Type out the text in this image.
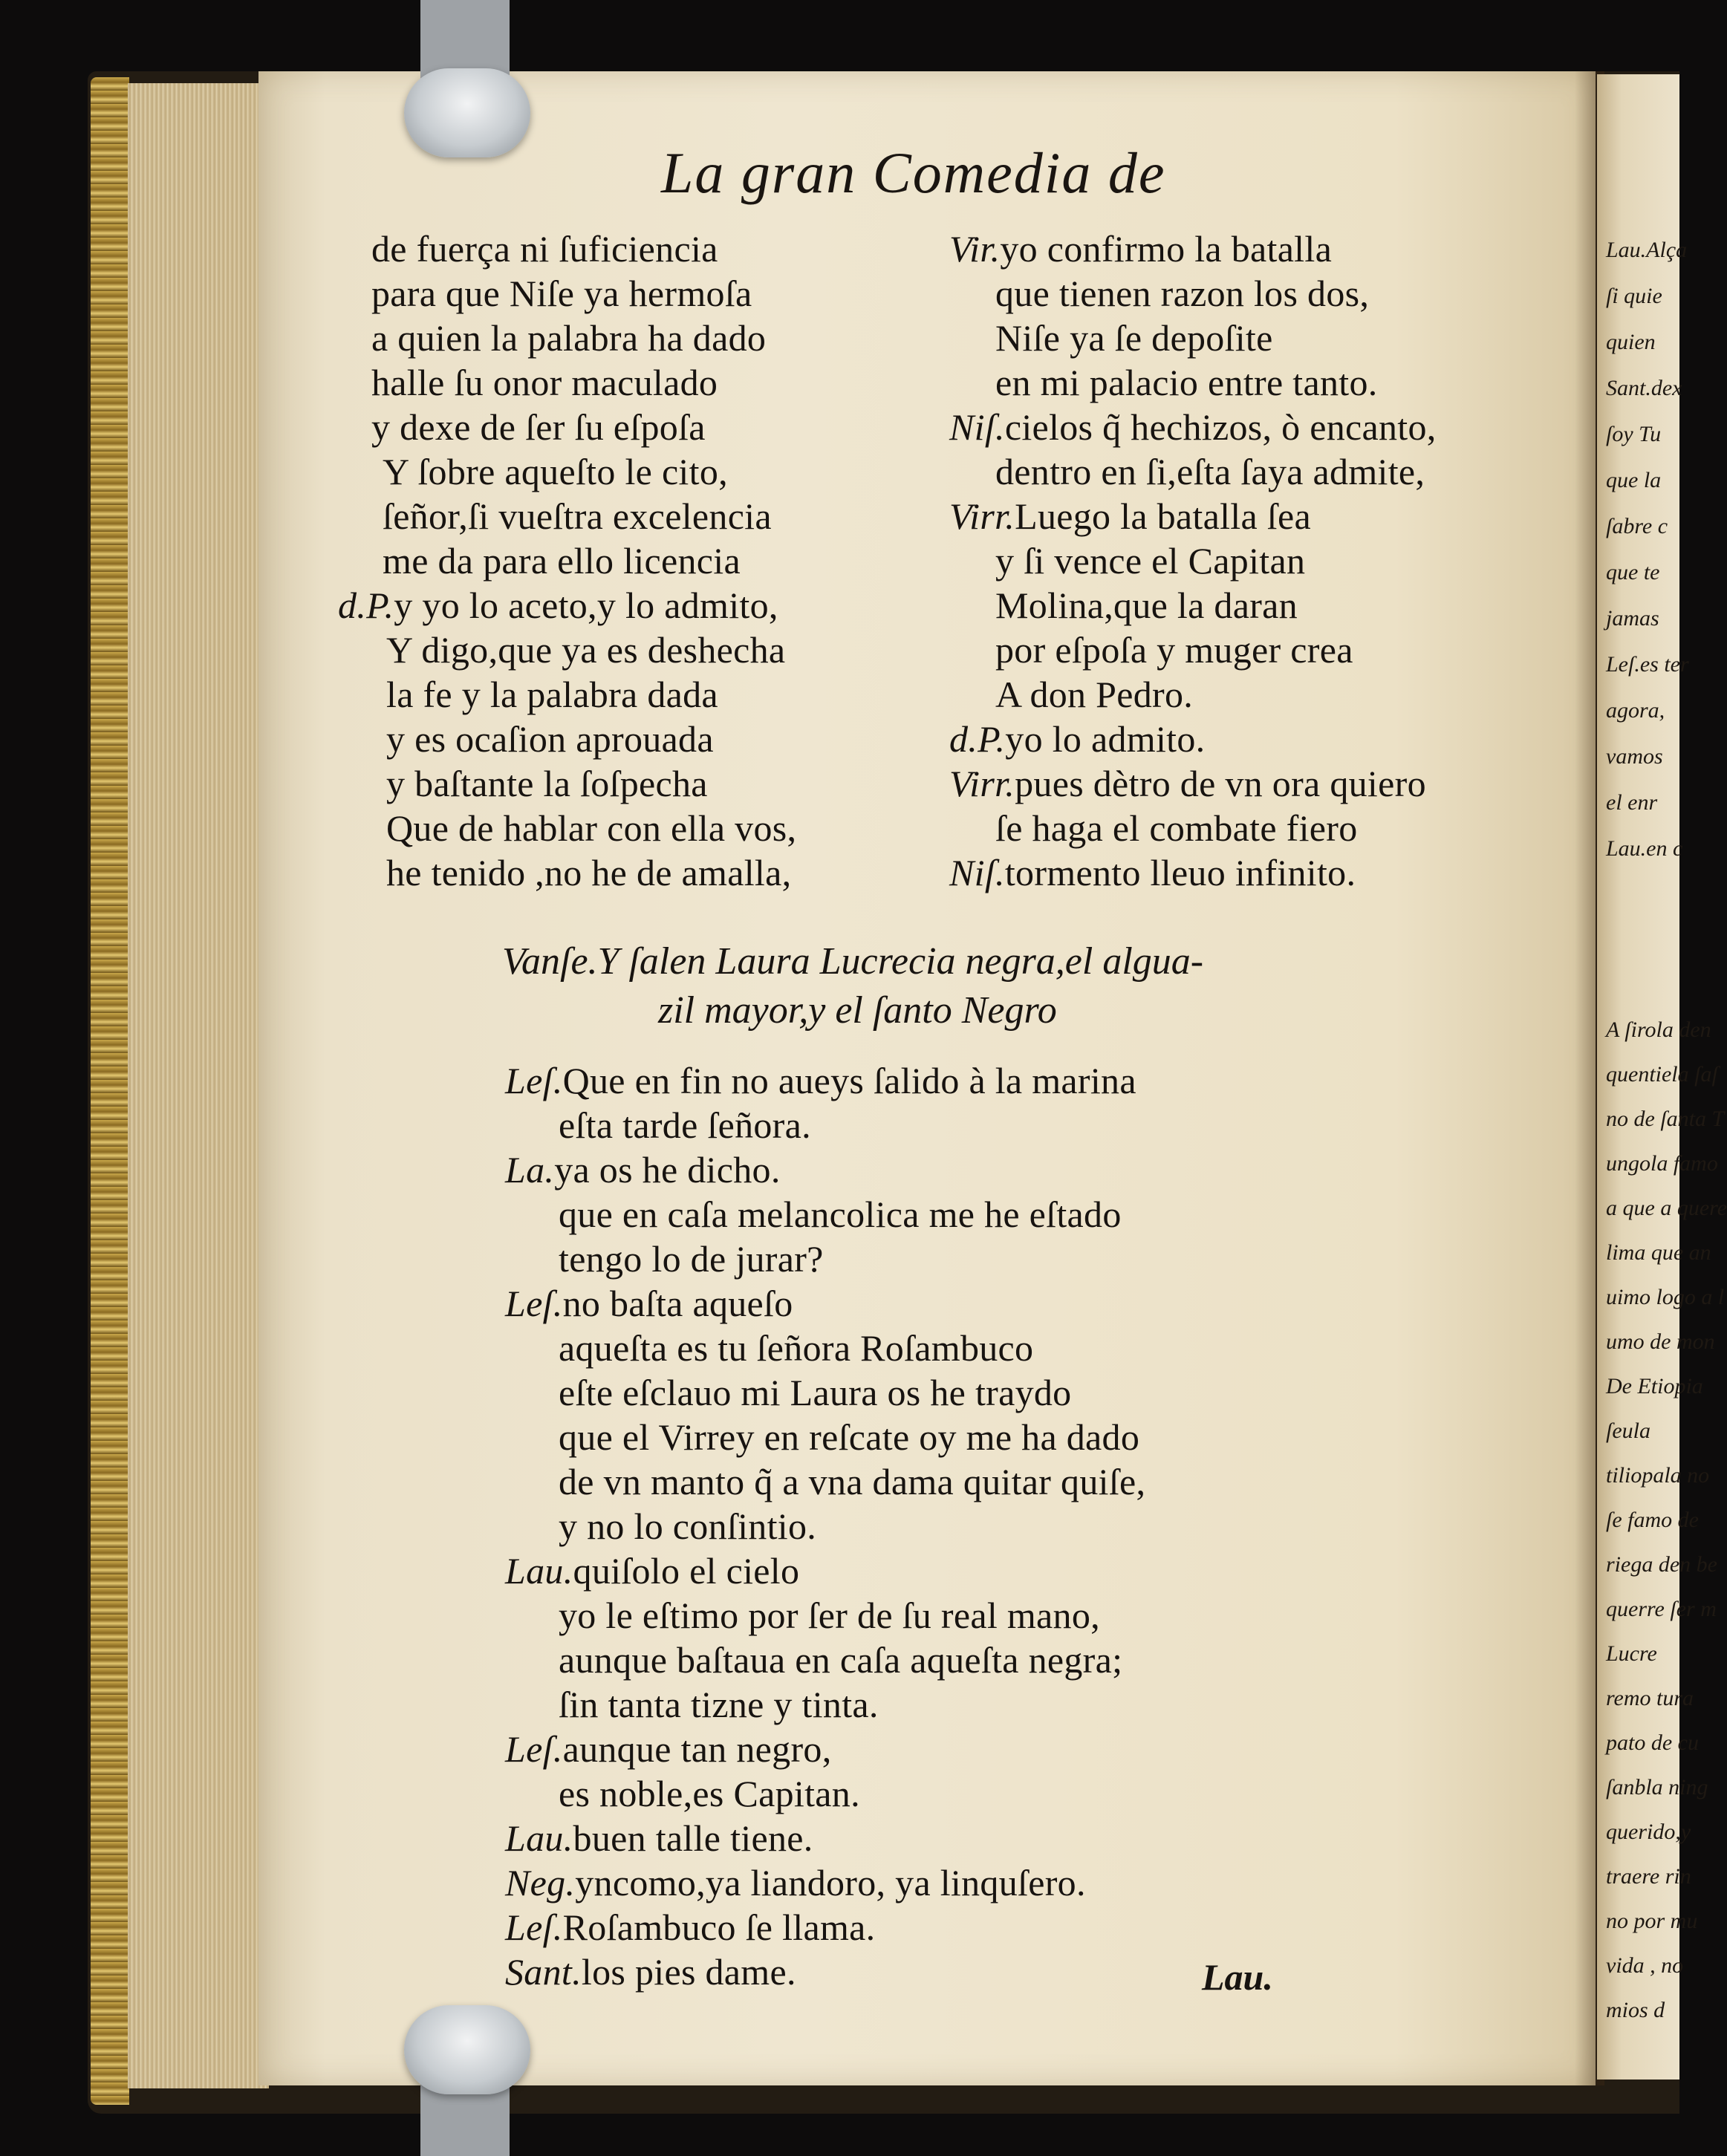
Lau.Alça
ſi quie
quien
Sant.dex
ſoy Tu
que la
ſabre c
que te
jamas
Leſ.es ter
agora,
vamos
el enr
Lau.en c
A ſirola den
quentiela ſaſ
no de ſanta T
ungola famo
a que a quere
lima que an
uimo logo a l
umo de mon
De Etiopia
ſeula
tiliopala no
ſe famo de
riega den be
querre ſer m
Lucre
remo tura
pato de cu
ſanbla ning
querido,y
traere rin
no por mu
vida , no
mios d
La gran Comedia de
de fuerça ni ſuficiencia
para que Niſe ya hermoſa
a quien la palabra ha dado
halle ſu onor maculado
y dexe de ſer ſu eſpoſa
Y ſobre aqueſto le cito,
ſeñor,ſi vueſtra excelencia
me da para ello licencia
d.P.y yo lo aceto,y lo admito,
Y digo,que ya es deshecha
la fe y la palabra dada
y es ocaſion aprouada
y baſtante la ſoſpecha
Que de hablar con ella vos,
he tenido ,no he de amalla,
Vir.yo confirmo la batalla
que tienen razon los dos,
Niſe ya ſe depoſite
en mi palacio entre tanto.
Niſ.cielos q̃ hechizos, ò encanto,
dentro en ſi,eſta ſaya admite,
Virr.Luego la batalla ſea
y ſi vence el Capitan
Molina,que la daran
por eſpoſa y muger crea
A don Pedro.
d.P.yo lo admito.
Virr.pues dètro de vn ora quiero
ſe haga el combate fiero
Niſ.tormento lleuo infinito.
Vanſe.Y ſalen Laura Lucrecia negra,el algua-
zil mayor,y el ſanto Negro
Leſ.Que en fin no aueys ſalido à la marina
eſta tarde ſeñora.
La.ya os he dicho.
que en caſa melancolica me he eſtado
tengo lo de jurar?
Leſ.no baſta aqueſo
aqueſta es tu ſeñora Roſambuco
eſte eſclauo mi Laura os he traydo
que el Virrey en reſcate oy me ha dado
de vn manto q̃ a vna dama quitar quiſe,
y no lo conſintio.
Lau.quiſolo el cielo
yo le eſtimo por ſer de ſu real mano,
aunque baſtaua en caſa aqueſta negra;
ſin tanta tizne y tinta.
Leſ.aunque tan negro,
es noble,es Capitan.
Lau.buen talle tiene.
Neg.yncomo,ya liandoro, ya linquſero.
Leſ.Roſambuco ſe llama.
Sant.los pies dame.	Lau.
